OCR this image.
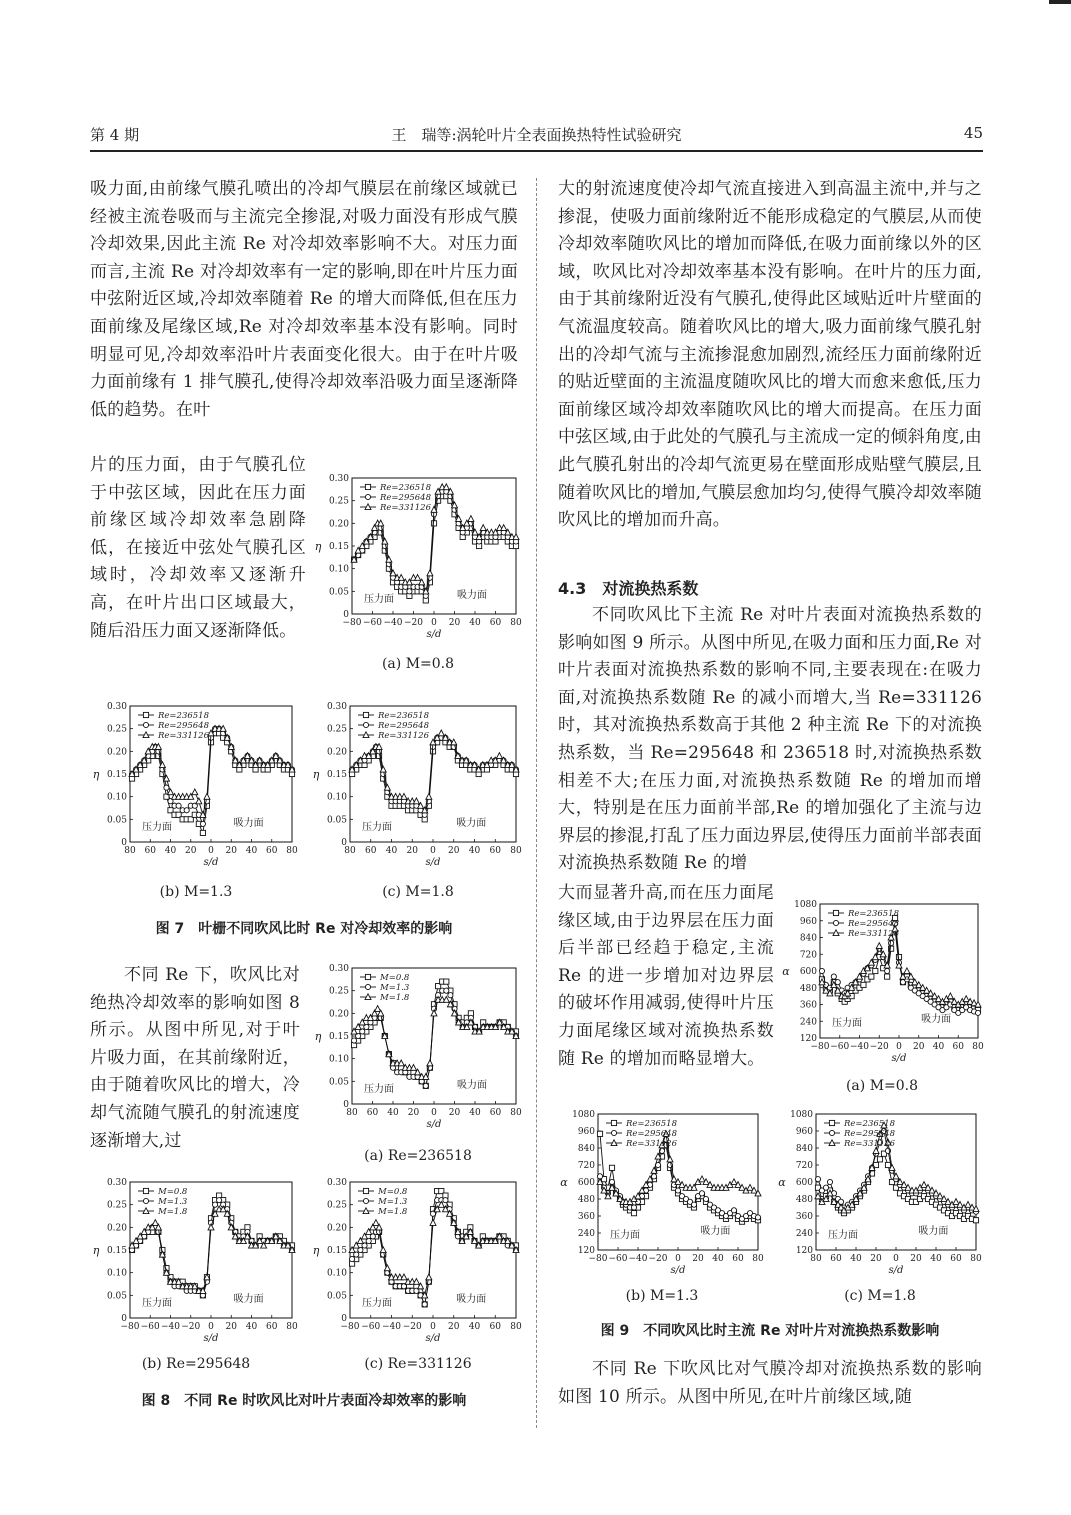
第 4 期	王　瑞等:涡轮叶片全表面换热特性试验研究	45

吸力面,由前缘气膜孔喷出的冷却气膜层在前缘区域就已经被主流卷吸而与主流完全掺混,对吸力面没有形成气膜冷却效果,因此主流 Re 对冷却效率影响不大。对压力面而言,主流 Re 对冷却效率有一定的影响,即在叶片压力面中弦附近区域,冷却效率随着 Re 的增大而降低,但在压力面前缘及尾缘区域,Re 对冷却效率基本没有影响。同时明显可见,冷却效率沿叶片表面变化很大。由于在叶片吸力面前缘有 1 排气膜孔,使得冷却效率沿吸力面呈逐渐降低的趋势。在叶

片的压力面，由于气膜孔位于中弦区域，因此在压力面前缘区域冷却效率急剧降低，在接近中弦处气膜孔区域时，冷却效率又逐渐升高，在叶片出口区域最大，随后沿压力面又逐渐降低。

不同 Re 下，吹风比对绝热冷却效率的影响如图 8 所示。从图中所见,对于叶片吸力面，在其前缘附近，由于随着吹风比的增大，冷却气流随气膜孔的射流速度逐渐增大,过

大的射流速度使冷却气流直接进入到高温主流中,并与之掺混，使吸力面前缘附近不能形成稳定的气膜层,从而使冷却效率随吹风比的增加而降低,在吸力面前缘以外的区域，吹风比对冷却效率基本没有影响。在叶片的压力面,由于其前缘附近没有气膜孔,使得此区域贴近叶片壁面的气流温度较高。随着吹风比的增大,吸力面前缘气膜孔射出的冷却气流与主流掺混愈加剧烈,流经压力面前缘附近的贴近壁面的主流温度随吹风比的增大而愈来愈低,压力面前缘区域冷却效率随吹风比的增大而提高。在压力面中弦区域,由于此处的气膜孔与主流成一定的倾斜角度,由此气膜孔射出的冷却气流更易在壁面形成贴壁气膜层,且随着吹风比的增加,气膜层愈加均匀,使得气膜冷却效率随吹风比的增加而升高。

4.3　对流换热系数

不同吹风比下主流 Re 对叶片表面对流换热系数的影响如图 9 所示。从图中所见,在吸力面和压力面,Re 对叶片表面对流换热系数的影响不同,主要表现在:在吸力面,对流换热系数随 Re 的减小而增大,当 Re=331126 时，其对流换热系数高于其他 2 种主流 Re 下的对流换热系数，当 Re=295648 和 236518 时,对流换热系数相差不大;在压力面,对流换热系数随 Re 的增加而增大，特别是在压力面前半部,Re 的增加强化了主流与边界层的掺混,打乱了压力面边界层,使得压力面前半部表面对流换热系数随 Re 的增

大而显著升高,而在压力面尾缘区域,由于边界层在压力面后半部已经趋于稳定,主流 Re 的进一步增加对边界层的破坏作用减弱,使得叶片压力面尾缘区域对流换热系数随 Re 的增加而略显增大。

不同 Re 下吹风比对气膜冷却对流换热系数的影响如图 10 所示。从图中所见,在叶片前缘区域,随

0
0.05
0.10
0.15
0.20
0.25
0.30
−80 −60 −40 −20 0 20 40 60 80
s/d
η
Re=236518
Re=295648
Re=331126
压力面	吸力面
(a) M=0.8
0
0.05
0.10
0.15
0.20
0.25
0.30
80 60 40 20 0 20 40 60 80
s/d
η
Re=236518
Re=295648
Re=331126
压力面	吸力面
0
0.05
0.10
0.15
0.20
0.25
0.30
80 60 40 20 0 20 40 60 80
s/d
η
Re=236518
Re=295648
Re=331126
压力面	吸力面
(b) M=1.3	(c) M=1.8
图 7　叶栅不同吹风比时 Re 对冷却效率的影响
0
0.05
0.10
0.15
0.20
0.25
0.30
80 60 40 20 0 20 40 60 80
s/d
η
M=0.8
M=1.3
M=1.8
压力面	吸力面
(a) Re=236518
0
0.05
0.10
0.15
0.20
0.25
0.30
−80 −60 −40 −20 0 20 40 60 80
s/d
η
M=0.8
M=1.3
M=1.8
压力面	吸力面
0
0.05
0.10
0.15
0.20
0.25
0.30
−80 −60 −40 −20 0 20 40 60 80
s/d
η
M=0.8
M=1.3
M=1.8
压力面	吸力面
(b) Re=295648	(c) Re=331126
图 8　不同 Re 时吹风比对叶片表面冷却效率的影响
120
240
360
480
600
720
840
960
1080
−80 −60 −40 −20 0 20 40 60 80
s/d
α
Re=236518
Re=295648
Re=331126
压力面	吸力面
(a) M=0.8
120
240
360
480
600
720
840
960
1080
−80 −60 −40 −20 0 20 40 60 80
s/d
α
Re=236518
Re=295648
Re=331126
压力面	吸力面
120
240
360
480
600
720
840
960
1080
80 60 40 20 0 20 40 60 80
s/d
α
Re=236518
Re=295648
Re=331126
压力面	吸力面
(b) M=1.3	(c) M=1.8
图 9　不同吹风比时主流 Re 对叶片对流换热系数影响
